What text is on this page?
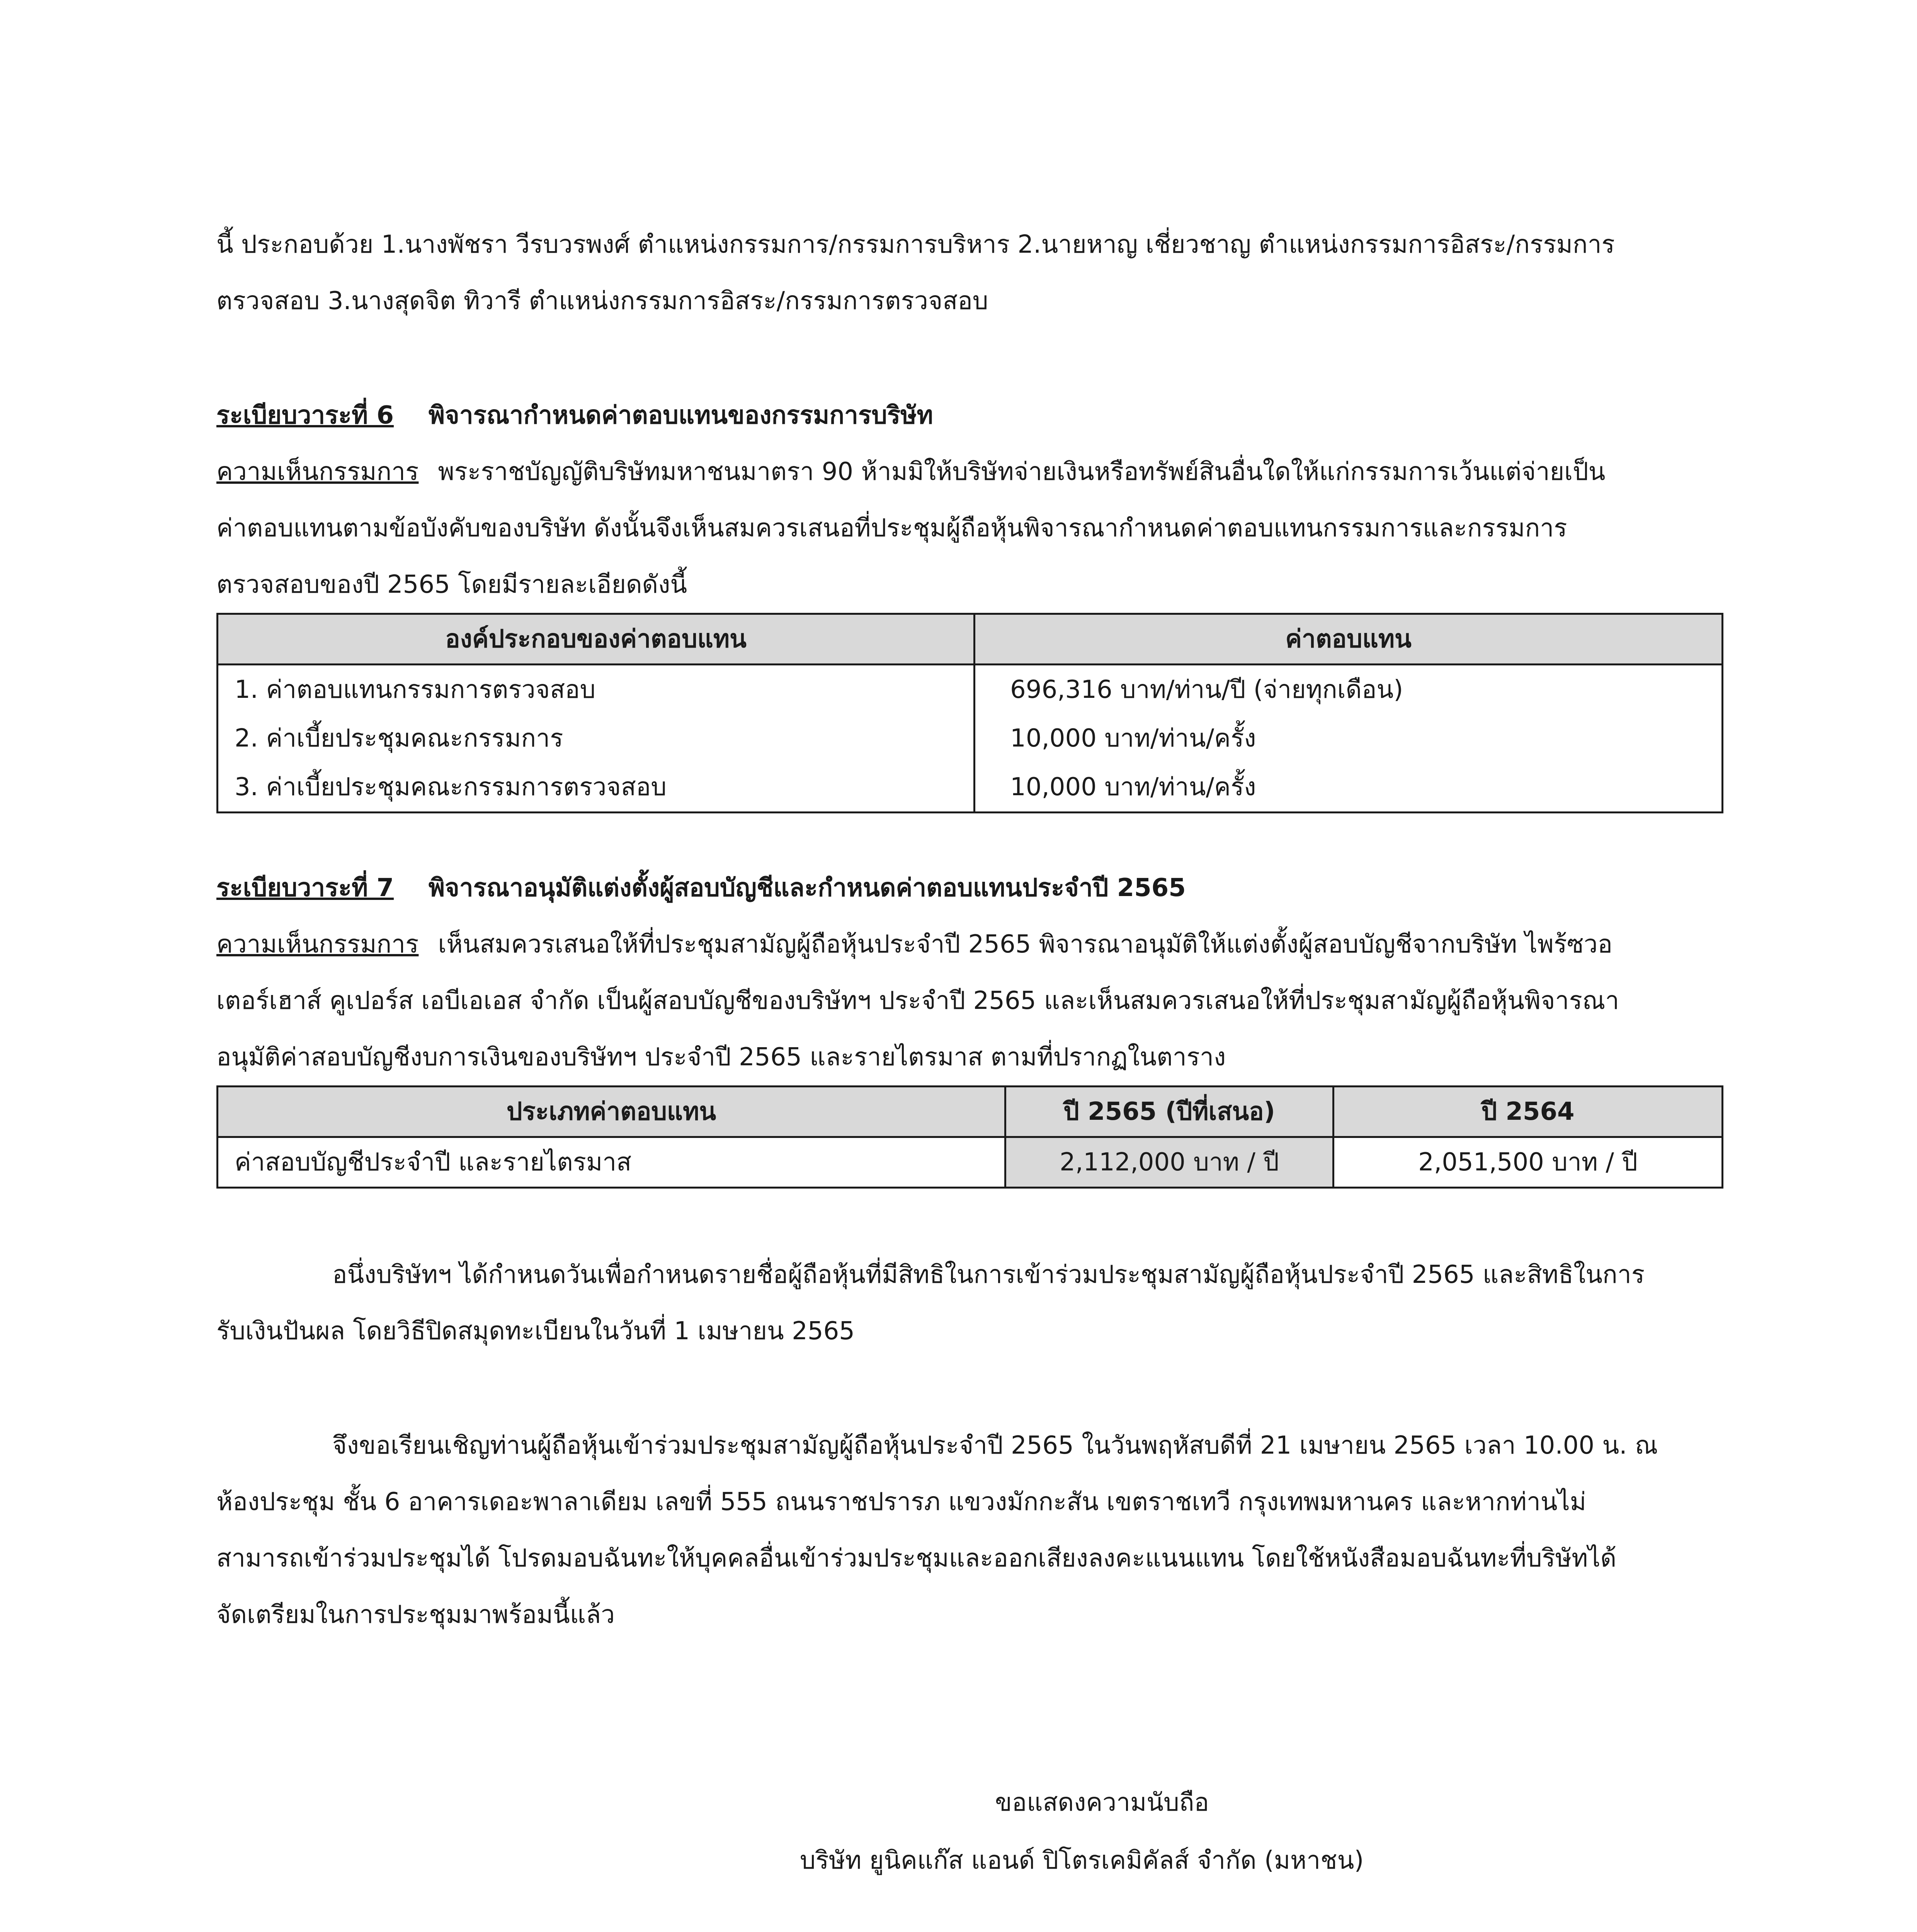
นี้ ประกอบด้วย 1.นางพัชรา วีรบวรพงศ์ ตำแหน่งกรรมการ/กรรมการบริหาร 2.นายหาญ เชี่ยวชาญ ตำแหน่งกรรมการอิสระ/กรรมการ

ตรวจสอบ 3.นางสุดจิต ทิวารี ตำแหน่งกรรมการอิสระ/กรรมการตรวจสอบ

ระเบียบวาระที่ 6 พิจารณากำหนดค่าตอบแทนของกรรมการบริษัท

ความเห็นกรรมการ พระราชบัญญัติบริษัทมหาชนมาตรา 90 ห้ามมิให้บริษัทจ่ายเงินหรือทรัพย์สินอื่นใดให้แก่กรรมการเว้นแต่จ่ายเป็น

ค่าตอบแทนตามข้อบังคับของบริษัท ดังนั้นจึงเห็นสมควรเสนอที่ประชุมผู้ถือหุ้นพิจารณากำหนดค่าตอบแทนกรรมการและกรรมการ

ตรวจสอบของปี 2565 โดยมีรายละเอียดดังนี้

องค์ประกอบของค่าตอบแทน	ค่าตอบแทน
1. ค่าตอบแทนกรรมการตรวจสอบ	696,316 บาท/ท่าน/ปี (จ่ายทุกเดือน)
2. ค่าเบี้ยประชุมคณะกรรมการ	10,000 บาท/ท่าน/ครั้ง
3. ค่าเบี้ยประชุมคณะกรรมการตรวจสอบ	10,000 บาท/ท่าน/ครั้ง

ระเบียบวาระที่ 7 พิจารณาอนุมัติแต่งตั้งผู้สอบบัญชีและกำหนดค่าตอบแทนประจำปี 2565

ความเห็นกรรมการ เห็นสมควรเสนอให้ที่ประชุมสามัญผู้ถือหุ้นประจำปี 2565 พิจารณาอนุมัติให้แต่งตั้งผู้สอบบัญชีจากบริษัท ไพร้ซวอ

เตอร์เฮาส์ คูเปอร์ส เอบีเอเอส จำกัด เป็นผู้สอบบัญชีของบริษัทฯ ประจำปี 2565 และเห็นสมควรเสนอให้ที่ประชุมสามัญผู้ถือหุ้นพิจารณา

อนุมัติค่าสอบบัญชีงบการเงินของบริษัทฯ ประจำปี 2565 และรายไตรมาส ตามที่ปรากฏในตาราง

ประเภทค่าตอบแทน	ปี 2565 (ปีที่เสนอ)	ปี 2564
ค่าสอบบัญชีประจำปี และรายไตรมาส	2,112,000 บาท / ปี	2,051,500 บาท / ปี

อนึ่งบริษัทฯ ได้กำหนดวันเพื่อกำหนดรายชื่อผู้ถือหุ้นที่มีสิทธิในการเข้าร่วมประชุมสามัญผู้ถือหุ้นประจำปี 2565 และสิทธิในการ

รับเงินปันผล โดยวิธีปิดสมุดทะเบียนในวันที่ 1 เมษายน 2565

จึงขอเรียนเชิญท่านผู้ถือหุ้นเข้าร่วมประชุมสามัญผู้ถือหุ้นประจำปี 2565 ในวันพฤหัสบดีที่ 21 เมษายน 2565 เวลา 10.00 น. ณ

ห้องประชุม ชั้น 6 อาคารเดอะพาลาเดียม เลขที่ 555 ถนนราชปรารภ แขวงมักกะสัน เขตราชเทวี กรุงเทพมหานคร และหากท่านไม่

สามารถเข้าร่วมประชุมได้ โปรดมอบฉันทะให้บุคคลอื่นเข้าร่วมประชุมและออกเสียงลงคะแนนแทน โดยใช้หนังสือมอบฉันทะที่บริษัทได้

จัดเตรียมในการประชุมมาพร้อมนี้แล้ว

ขอแสดงความนับถือ
บริษัท ยูนิคแก๊ส แอนด์ ปิโตรเคมิคัลส์ จำกัด (มหาชน)
